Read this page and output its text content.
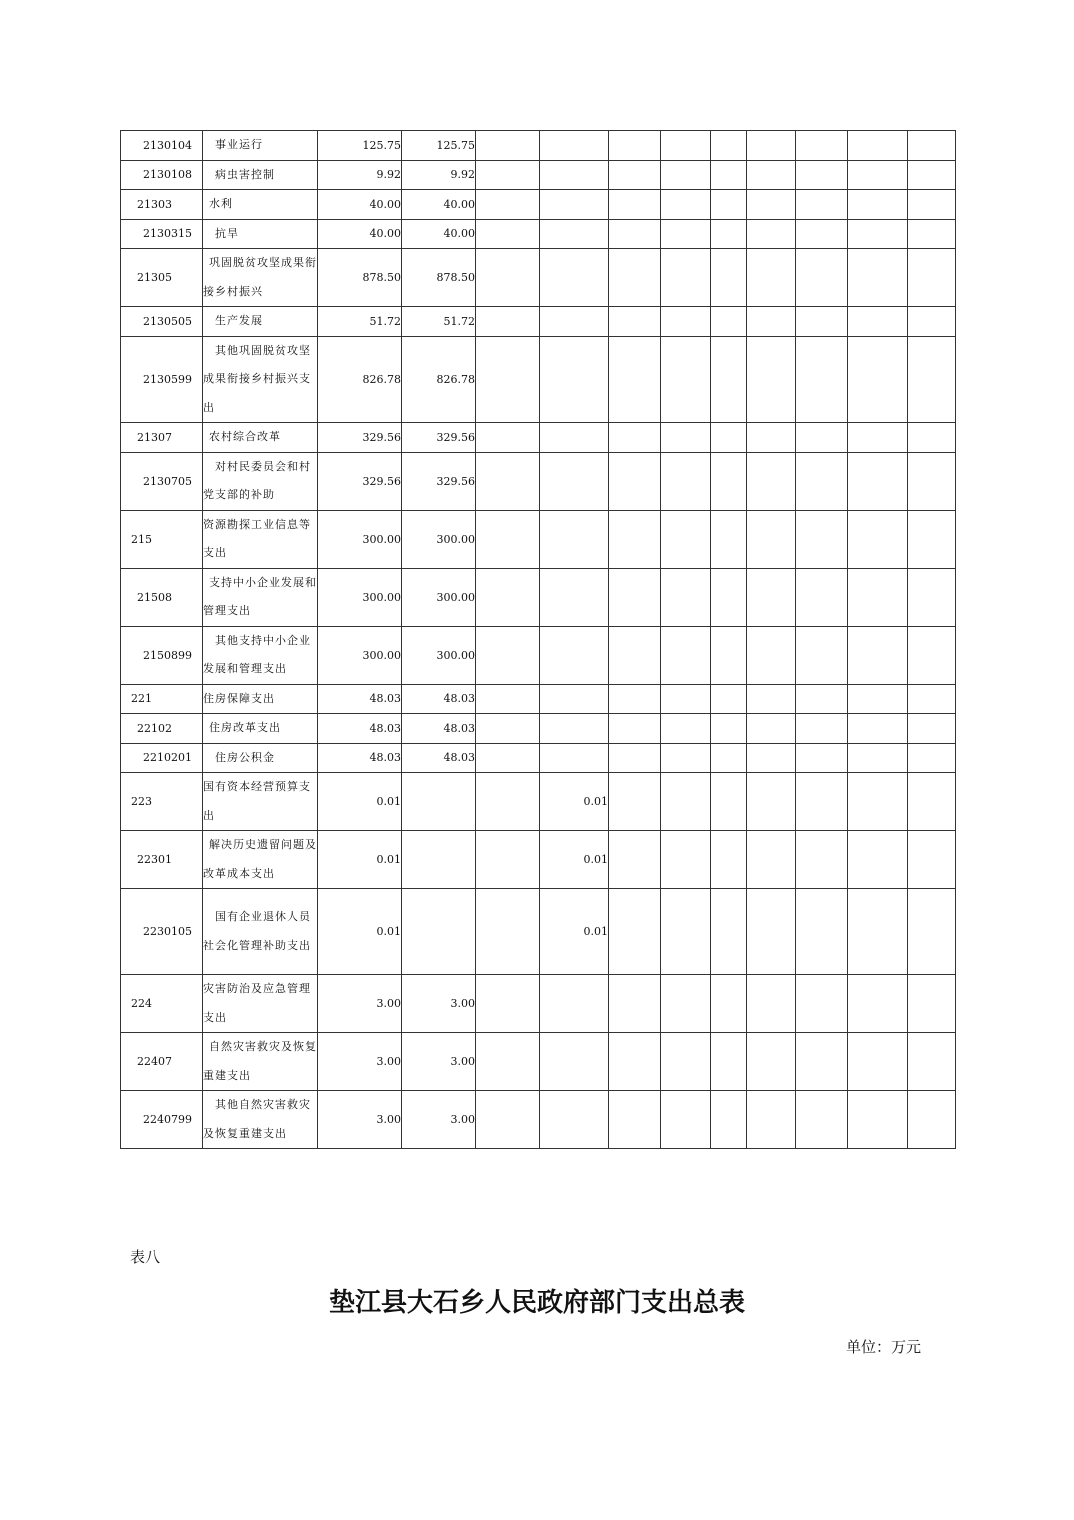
2130104	事业运行	125.75	125.75									
2130108	病虫害控制	9.92	9.92									
21303	水利	40.00	40.00									
2130315	抗旱	40.00	40.00									
21305	巩固脱贫攻坚成果衔接乡村振兴	878.50	878.50									
2130505	生产发展	51.72	51.72									
2130599	其他巩固脱贫攻坚成果衔接乡村振兴支出	826.78	826.78									
21307	农村综合改革	329.56	329.56									
2130705	对村民委员会和村党支部的补助	329.56	329.56									
215	资源勘探工业信息等支出	300.00	300.00									
21508	支持中小企业发展和管理支出	300.00	300.00									
2150899	其他支持中小企业发展和管理支出	300.00	300.00									
221	住房保障支出	48.03	48.03									
22102	住房改革支出	48.03	48.03									
2210201	住房公积金	48.03	48.03									
223	国有资本经营预算支出	0.01			0.01							
22301	解决历史遗留问题及改革成本支出	0.01			0.01							
2230105	国有企业退休人员社会化管理补助支出	0.01			0.01							
224	灾害防治及应急管理支出	3.00	3.00									
22407	自然灾害救灾及恢复重建支出	3.00	3.00									
2240799	其他自然灾害救灾及恢复重建支出	3.00	3.00									
表八
垫江县大石乡人民政府部门支出总表
单位：万元
